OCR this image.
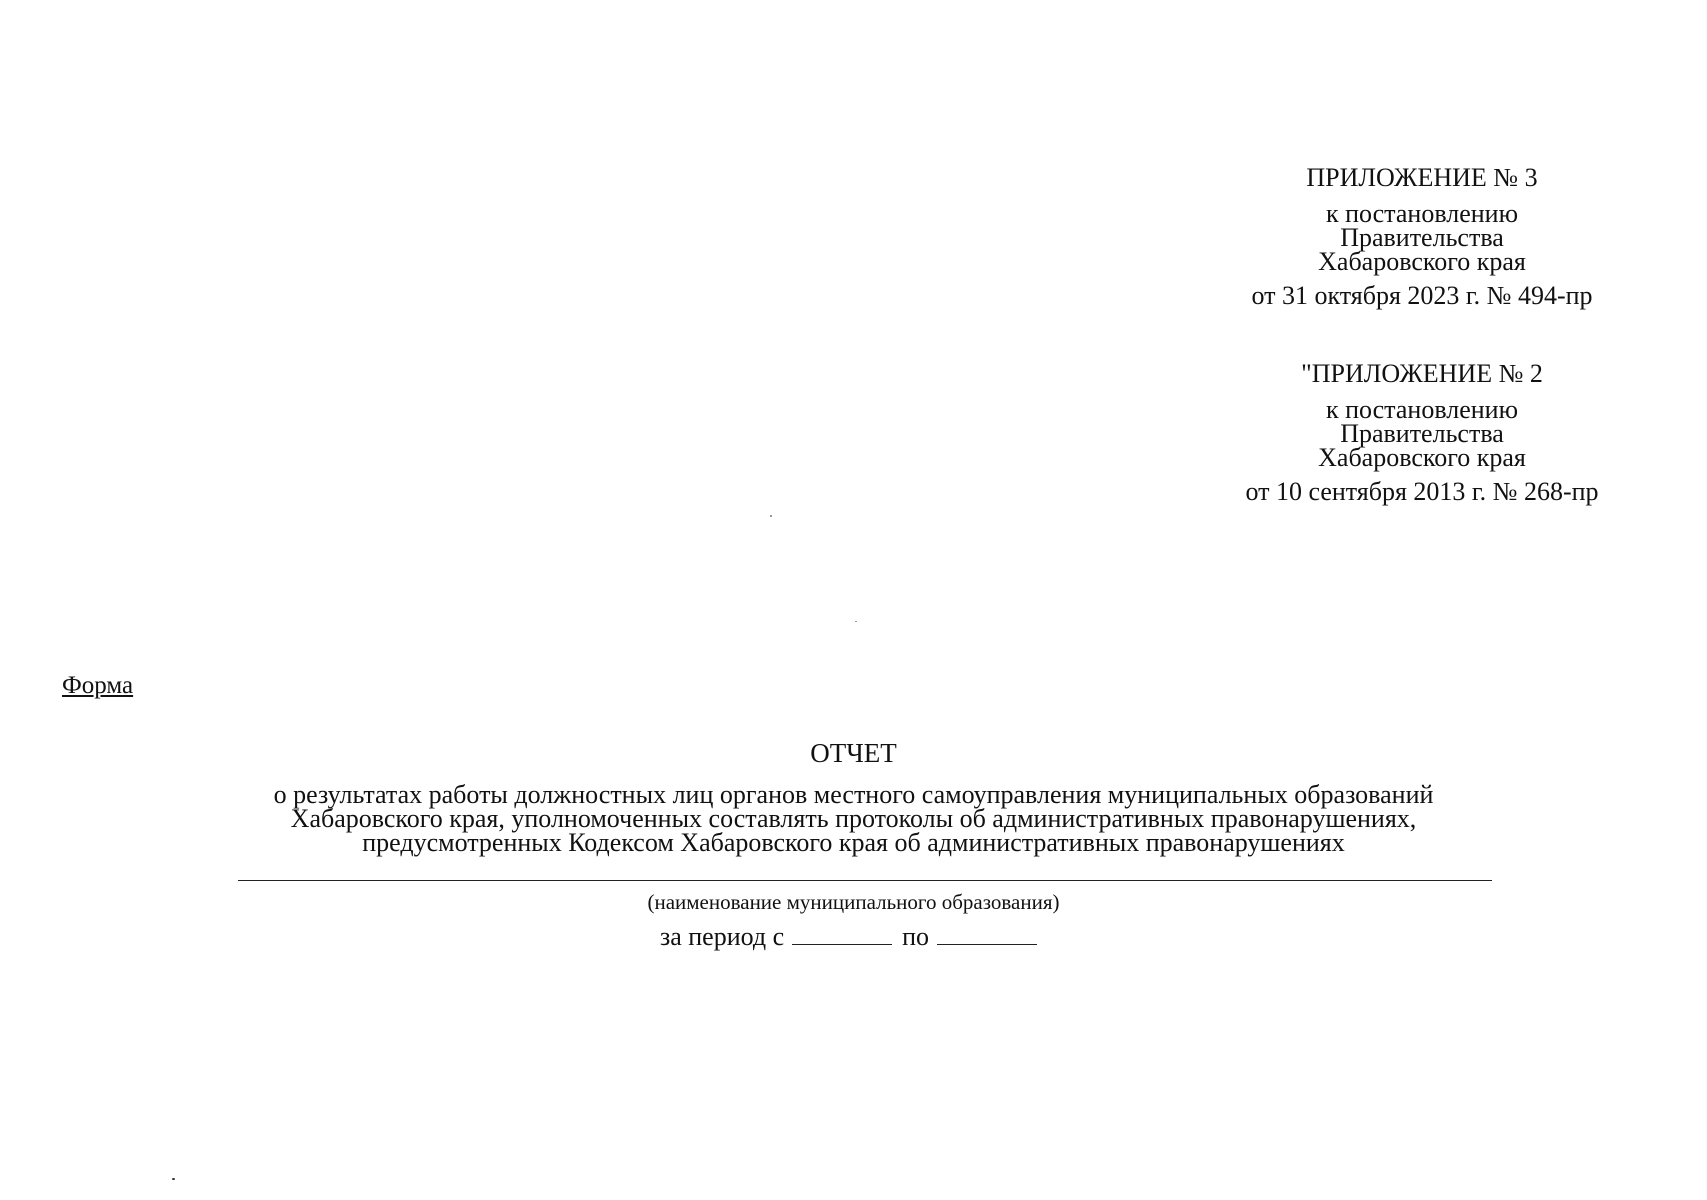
ПРИЛОЖЕНИЕ № 3
к постановлению
Правительства
Хабаровского края
от 31 октября 2023 г. № 494-пр
"ПРИЛОЖЕНИЕ № 2
к постановлению
Правительства
Хабаровского края
от 10 сентября 2013 г. № 268-пр
Форма
ОТЧЕТ
о результатах работы должностных лиц органов местного самоуправления муниципальных образований
Хабаровского края, уполномоченных составлять протоколы об административных правонарушениях,
предусмотренных Кодексом Хабаровского края об административных правонарушениях
(наименование муниципального образования)
за период с	по
